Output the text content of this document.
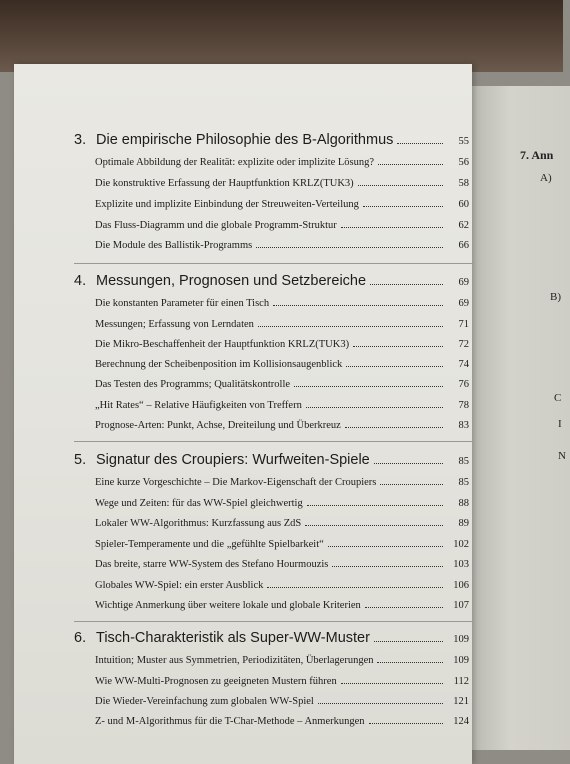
7. Ann
A)
B)
C
I
N
3. Die empirische Philosophie des B-Algorithmus	55
Optimale Abbildung der Realität: explizite oder implizite Lösung?	56
Die konstruktive Erfassung der Hauptfunktion KRLZ(TUK3)	58
Explizite und implizite Einbindung der Streuweiten-Verteilung	60
Das Fluss-Diagramm und die globale Programm-Struktur	62
Die Module des Ballistik-Programms	66
4. Messungen, Prognosen und Setzbereiche	69
Die konstanten Parameter für einen Tisch	69
Messungen; Erfassung von Lerndaten	71
Die Mikro-Beschaffenheit der Hauptfunktion KRLZ(TUK3)	72
Berechnung der Scheibenposition im Kollisionsaugenblick	74
Das Testen des Programms; Qualitätskontrolle	76
„Hit Rates“ – Relative Häufigkeiten von Treffern	78
Prognose-Arten: Punkt, Achse, Dreiteilung und Überkreuz	83
5. Signatur des Croupiers: Wurfweiten-Spiele	85
Eine kurze Vorgeschichte – Die Markov-Eigenschaft der Croupiers	85
Wege und Zeiten: für das WW-Spiel gleichwertig	88
Lokaler WW-Algorithmus: Kurzfassung aus ZdS	89
Spieler-Temperamente und die „gefühlte Spielbarkeit“	102
Das breite, starre WW-System des Stefano Hourmouzis	103
Globales WW-Spiel: ein erster Ausblick	106
Wichtige Anmerkung über weitere lokale und globale Kriterien	107
6. Tisch-Charakteristik als Super-WW-Muster	109
Intuition; Muster aus Symmetrien, Periodizitäten, Überlagerungen	109
Wie WW-Multi-Prognosen zu geeigneten Mustern führen	112
Die Wieder-Vereinfachung zum globalen WW-Spiel	121
Z- und M-Algorithmus für die T-Char-Methode – Anmerkungen	124
